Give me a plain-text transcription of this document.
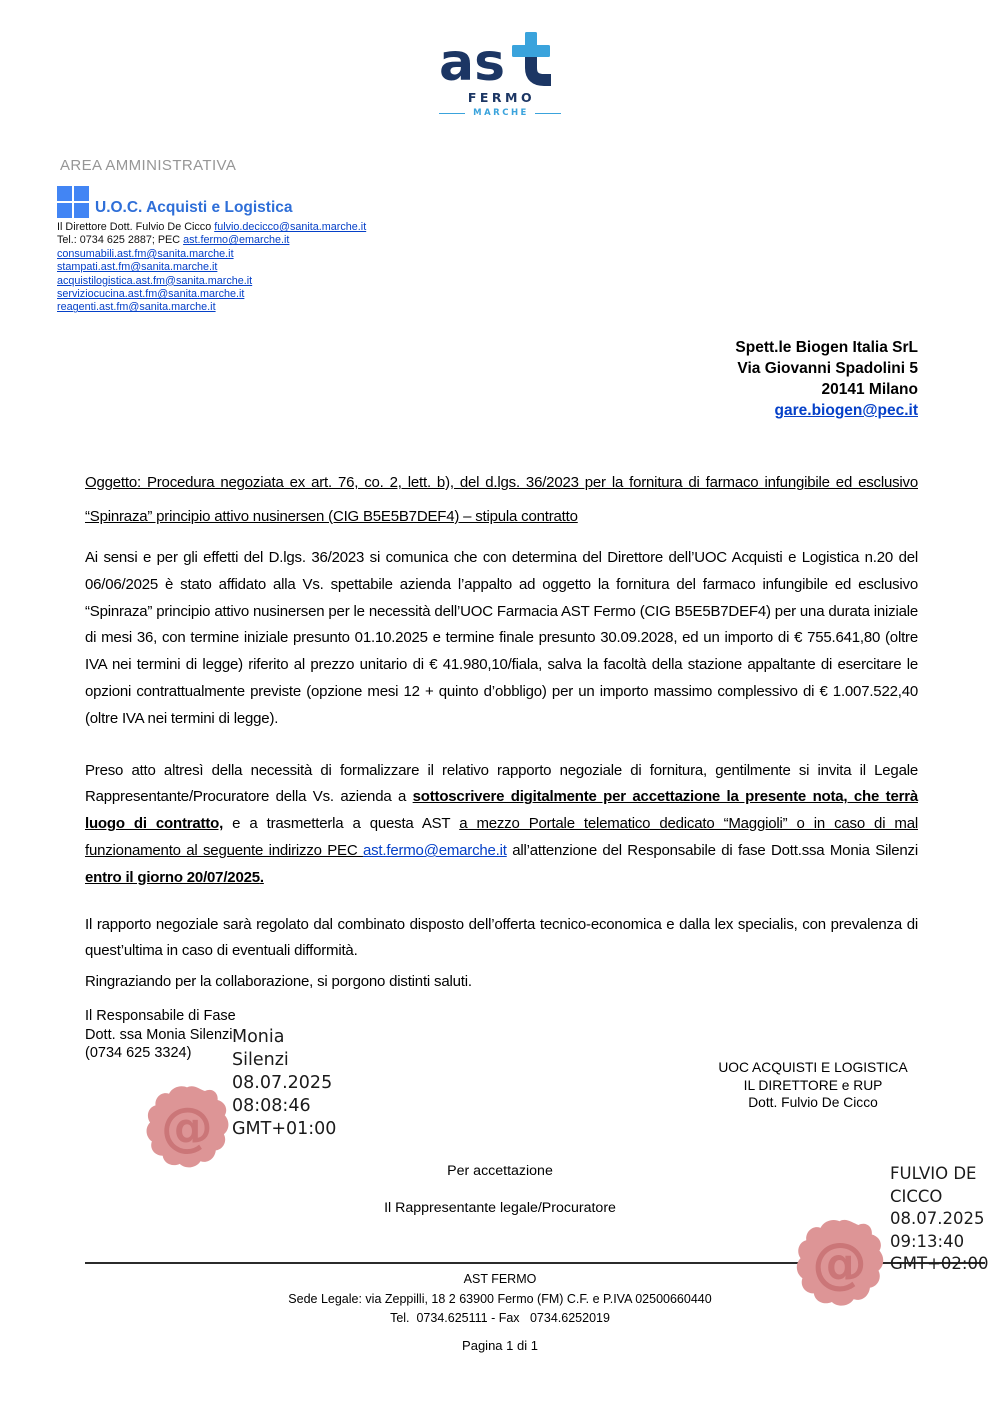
as
FERMO
MARCHE
AREA AMMINISTRATIVA
U.O.C. Acquisti e Logistica
Il Direttore Dott. Fulvio De Cicco fulvio.decicco@sanita.marche.it
Tel.: 0734 625 2887; PEC ast.fermo@emarche.it
consumabili.ast.fm@sanita.marche.it
stampati.ast.fm@sanita.marche.it
acquistilogistica.ast.fm@sanita.marche.it
serviziocucina.ast.fm@sanita.marche.it
reagenti.ast.fm@sanita.marche.it
Spett.le Biogen Italia SrL
Via Giovanni Spadolini 5
20141 Milano
gare.biogen@pec.it

Oggetto: Procedura negoziata ex art. 76, co. 2, lett. b), del d.lgs. 36/2023 per la fornitura di farmaco infungibile ed esclusivo “Spinraza” principio attivo nusinersen (CIG B5E5B7DEF4) – stipula contratto

Ai sensi e per gli effetti del D.lgs. 36/2023 si comunica che con determina del Direttore dell’UOC Acquisti e Logistica n.20 del 06/06/2025 è stato affidato alla Vs. spettabile azienda l’appalto ad oggetto la fornitura del farmaco infungibile ed esclusivo “Spinraza” principio attivo nusinersen per le necessità dell’UOC Farmacia AST Fermo (CIG B5E5B7DEF4) per una durata iniziale di mesi 36, con termine iniziale presunto 01.10.2025 e termine finale presunto 30.09.2028, ed un importo di € 755.641,80 (oltre IVA nei termini di legge) riferito al prezzo unitario di € 41.980,10/fiala, salva la facoltà della stazione appaltante di esercitare le opzioni contrattualmente previste (opzione mesi 12 + quinto d’obbligo) per un importo massimo complessivo di € 1.007.522,40 (oltre IVA nei termini di legge).

Preso atto altresì della necessità di formalizzare il relativo rapporto negoziale di fornitura, gentilmente si invita il Legale Rappresentante/Procuratore della Vs. azienda a sottoscrivere digitalmente per accettazione la presente nota, che terrà luogo di contratto, e a trasmetterla a questa AST a mezzo Portale telematico dedicato “Maggioli” o in caso di mal funzionamento al seguente indirizzo PEC ast.fermo@emarche.it all’attenzione del Responsabile di fase Dott.ssa Monia Silenzi entro il giorno 20/07/2025.

Il rapporto negoziale sarà regolato dal combinato disposto dell’offerta tecnico-economica e dalla lex specialis, con prevalenza di quest’ultima in caso di eventuali difformità.

Ringraziando per la collaborazione, si porgono distinti saluti.

Il Responsabile di Fase
Dott. ssa Monia Silenzi
(0734 625 3324)
Monia
Silenzi
08.07.2025
08:08:46
GMT+01:00
@
UOC ACQUISTI E LOGISTICA
IL DIRETTORE e RUP
Dott. Fulvio De Cicco
Per accettazione
Il Rappresentante legale/Procuratore
@
FULVIO DE
CICCO
08.07.2025
09:13:40
GMT+02:00
AST FERMO
Sede Legale: via Zeppilli, 18 2 63900 Fermo (FM) C.F. e P.IVA 02500660440
Tel.  0734.625111 - Fax   0734.6252019
Pagina 1 di 1
